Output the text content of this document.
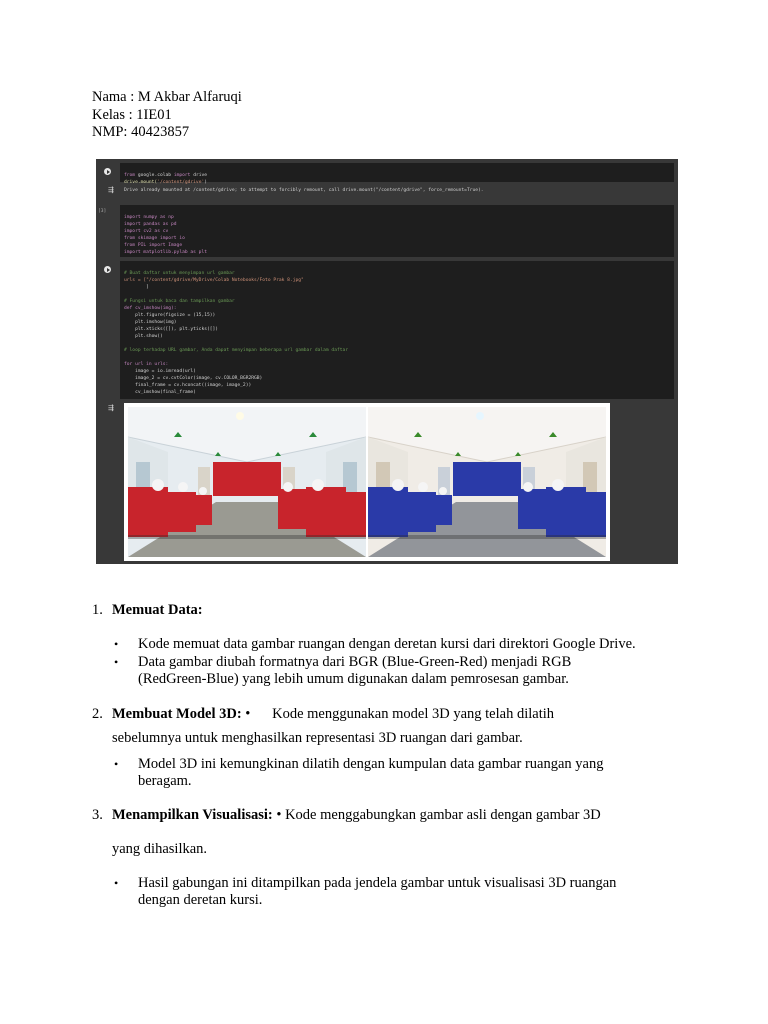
Nama : M Akbar Alfaruqi
Kelas : 1IE01
NMP: 40423857

from google.colab import drive
drive.mount('/content/gdrive')
⇶	Drive already mounted at /content/gdrive; to attempt to forcibly remount, call drive.mount("/content/gdrive", force_remount=True).
[3]

import numpy as np
import pandas as pd
import cv2 as cv
from skimage import io
from PIL import Image
import matplotlib.pylab as plt

# Buat daftar untuk menyimpan url gambar
urls = ["/content/gdrive/MyDrive/Colab Notebooks/Foto Prak 8.jpg"
]

# Fungsi untuk baca dan tampilkan gambar
def cv_imshow(img):
plt.figure(figsize = (15,15))
plt.imshow(img)
plt.xticks([]), plt.yticks([])
plt.show()

# loop terhadap URL gambar, Anda dapat menyimpan beberapa url gambar dalam daftar

for url in urls:
image = io.imread(url)
image_2 = cv.cvtColor(image, cv.COLOR_BGR2RGB)
final_frame = cv.hconcat((image, image_2))
cv_imshow(final_frame)
⇶
1. Memuat Data:
• Kode memuat data gambar ruangan dengan deretan kursi dari direktori Google Drive.
• Data gambar diubah formatnya dari BGR (Blue-Green-Red) menjadi RGB
(RedGreen-Blue) yang lebih umum digunakan dalam pemrosesan gambar.
2. Membuat Model 3D: •      Kode menggunakan model 3D yang telah dilatih
sebelumnya untuk menghasilkan representasi 3D ruangan dari gambar.
• Model 3D ini kemungkinan dilatih dengan kumpulan data gambar ruangan yang
beragam.
3. Menampilkan Visualisasi: • Kode menggabungkan gambar asli dengan gambar 3D
yang dihasilkan.
• Hasil gabungan ini ditampilkan pada jendela gambar untuk visualisasi 3D ruangan
dengan deretan kursi.
